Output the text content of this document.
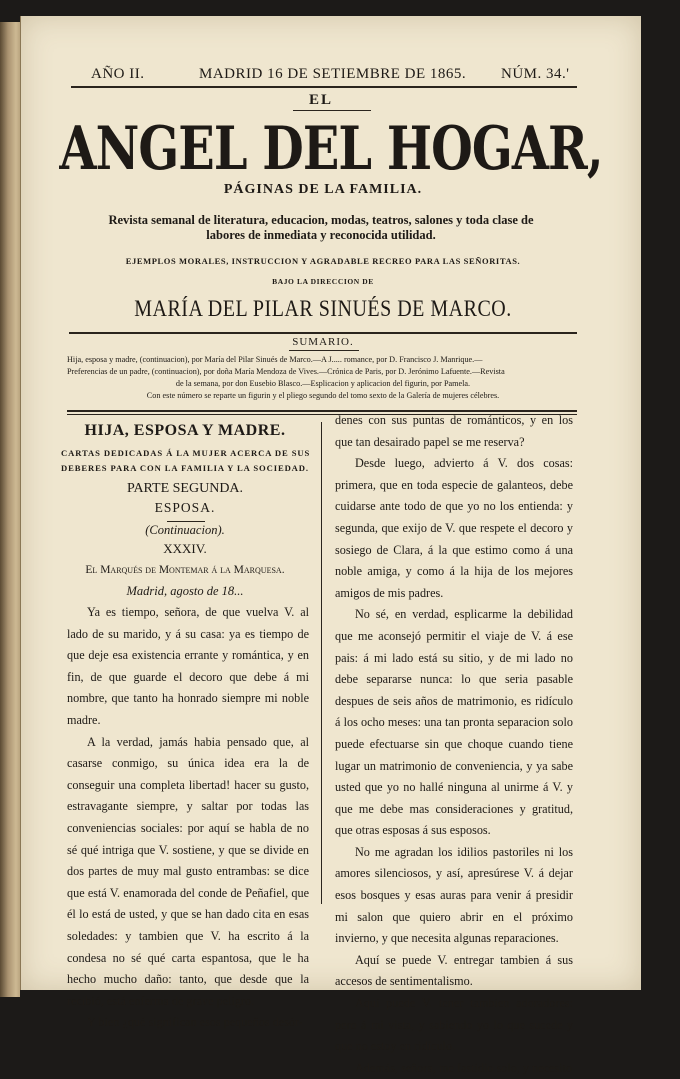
AÑO II.	MADRID 16 DE SETIEMBRE DE 1865. NÚM. 34.'
EL
ANGEL DEL HOGAR,
PÁGINAS DE LA FAMILIA.
Revista semanal de literatura, educacion, modas, teatros, salones y toda clase de
labores de inmediata y reconocida utilidad.
EJEMPLOS MORALES, INSTRUCCION Y AGRADABLE RECREO PARA LAS SEÑORITAS.
BAJO LA DIRECCION DE
MARÍA DEL PILAR SINUÉS DE MARCO.
SUMARIO.
Hija, esposa y madre, (continuacion), por María del Pilar Sinués de Marco.—A J..... romance, por D. Francisco J. Manrique.—
Preferencias de un padre, (continuacion), por doña María Mendoza de Vives.—Crónica de Paris, por D. Jerónimo Lafuente.—Revista
de la semana, por don Eusebio Blasco.—Esplicacion y aplicacion del figurin, por Pamela.
Con este número se reparte un figurin y el pliego segundo del tomo sexto de la Galería de mujeres célebres.
HIJA, ESPOSA Y MADRE.
CARTAS DEDICADAS Á LA MUJER ACERCA DE SUS
DEBERES PARA CON LA FAMILIA Y LA SOCIEDAD.
PARTE SEGUNDA.
ESPOSA.
(Continuacion).
XXXIV.
El Marqués de Montemar á la Marquesa.
Madrid, agosto de 18...

Ya es tiempo, señora, de que vuelva V. al lado de su marido, y á su casa: ya es tiempo de que deje esa existencia errante y romántica, y en fin, de que guarde el decoro que debe á mi nombre, que tanto ha honrado siempre mi noble madre.

A la verdad, jamás habia pensado que, al casarse conmigo, su única idea era la de conseguir una completa libertad! hacer su gusto, estravagante siempre, y saltar por todas las conveniencias sociales: por aquí se habla de no sé qué intriga que V. sostiene, y que se divide en dos partes de muy mal gusto entrambas: se dice que está V. enamorada del conde de Peñafiel, que él lo está de usted, y que se han dado cita en esas soledades: y tambien que V. ha escrito á la condesa no sé qué carta espantosa, que le ha hecho mucho daño: tanto, que desde que la recibió, está enferma de grave peligro.

Y bien ¿qué significan esos pequeños desór-

denes con sus puntas de románticos, y en los que tan desairado papel se me reserva?

Desde luego, advierto á V. dos cosas: primera, que en toda especie de galanteos, debe cuidarse ante todo de que yo no los entienda: y segunda, que exijo de V. que respete el decoro y sosiego de Clara, á la que estimo como á una noble amiga, y como á la hija de los mejores amigos de mis padres.

No sé, en verdad, esplicarme la debilidad que me aconsejó permitir el viaje de V. á ese pais: á mi lado está su sitio, y de mi lado no debe separarse nunca: lo que seria pasable despues de seis años de matrimonio, es ridículo á los ocho meses: una tan pronta separacion solo puede efectuarse sin que choque cuando tiene lugar un matrimonio de conveniencia, y ya sabe usted que yo no hallé ninguna al unirme á V. y que me debe mas consideraciones y gratitud, que otras esposas á sus esposos.

No me agradan los idilios pastoriles ni los amores silenciosos, y así, apresúrese V. á dejar esos bosques y esas auras para venir á presidir mi salon que quiero abrir en el próximo invierno, y que necesita algunas reparaciones.

Aquí se puede V. entregar tambien á sus accesos de sentimentalismo.

Aquí puede V. tener tambien adoradores: pero á mi vista, y sabiendo yo lo que sucede y que no estoy en ridículo.

Además, señora, me fastidio solo, y necesito
